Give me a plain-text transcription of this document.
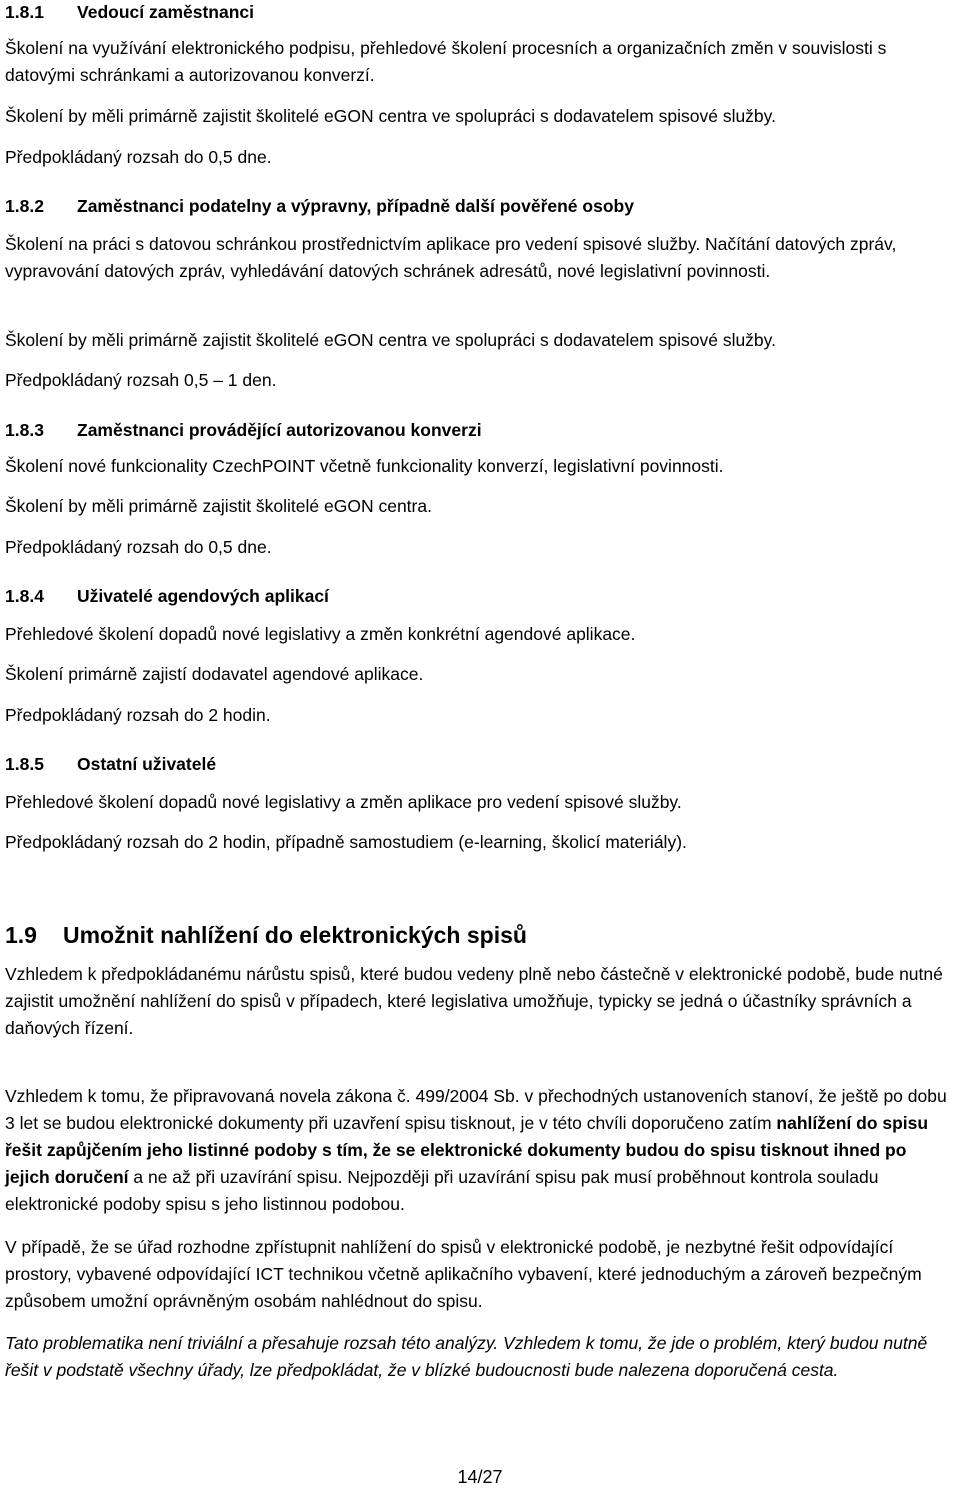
1.8.1	Vedoucí zaměstnanci

Školení na využívání elektronického podpisu, přehledové školení procesních a organizačních změn v souvislosti s datovými schránkami a autorizovanou konverzí.

Školení by měli primárně zajistit školitelé eGON centra ve spolupráci s dodavatelem spisové služby.

Předpokládaný rozsah do 0,5 dne.

1.8.2	Zaměstnanci podatelny a výpravny, případně další pověřené osoby

Školení na práci s datovou schránkou prostřednictvím aplikace pro vedení spisové služby. Načítání datových zpráv, vypravování datových zpráv, vyhledávání datových schránek adresátů, nové legislativní povinnosti.

Školení by měli primárně zajistit školitelé eGON centra ve spolupráci s dodavatelem spisové služby.

Předpokládaný rozsah 0,5 – 1 den.

1.8.3	Zaměstnanci provádějící autorizovanou konverzi

Školení nové funkcionality CzechPOINT včetně funkcionality konverzí, legislativní povinnosti.

Školení by měli primárně zajistit školitelé eGON centra.

Předpokládaný rozsah do 0,5 dne.

1.8.4	Uživatelé agendových aplikací

Přehledové školení dopadů nové legislativy a změn konkrétní agendové aplikace.

Školení primárně zajistí dodavatel agendové aplikace.

Předpokládaný rozsah do 2 hodin.

1.8.5	Ostatní uživatelé

Přehledové školení dopadů nové legislativy a změn aplikace pro vedení spisové služby.

Předpokládaný rozsah do 2 hodin, případně samostudiem (e-learning, školicí materiály).

1.9	Umožnit nahlížení do elektronických spisů

Vzhledem k předpokládanému nárůstu spisů, které budou vedeny plně nebo částečně v elektronické podobě, bude nutné zajistit umožnění nahlížení do spisů v případech, které legislativa umožňuje, typicky se jedná o účastníky správních a daňových řízení.

Vzhledem k tomu, že připravovaná novela zákona č. 499/2004 Sb. v přechodných ustanoveních stanoví, že ještě po dobu 3 let se budou elektronické dokumenty při uzavření spisu tisknout, je v této chvíli doporučeno zatím nahlížení do spisu řešit zapůjčením jeho listinné podoby s tím, že se elektronické dokumenty budou do spisu tisknout ihned po jejich doručení a ne až při uzavírání spisu. Nejpozději při uzavírání spisu pak musí proběhnout kontrola souladu elektronické podoby spisu s jeho listinnou podobou.

V případě, že se úřad rozhodne zpřístupnit nahlížení do spisů v elektronické podobě, je nezbytné řešit odpovídající prostory, vybavené odpovídající ICT technikou včetně aplikačního vybavení, které jednoduchým a zároveň bezpečným způsobem umožní oprávněným osobám nahlédnout do spisu.

Tato problematika není triviální a přesahuje rozsah této analýzy. Vzhledem k tomu, že jde o problém, který budou nutně řešit v podstatě všechny úřady, lze předpokládat, že v blízké budoucnosti bude nalezena doporučená cesta.

14/27
